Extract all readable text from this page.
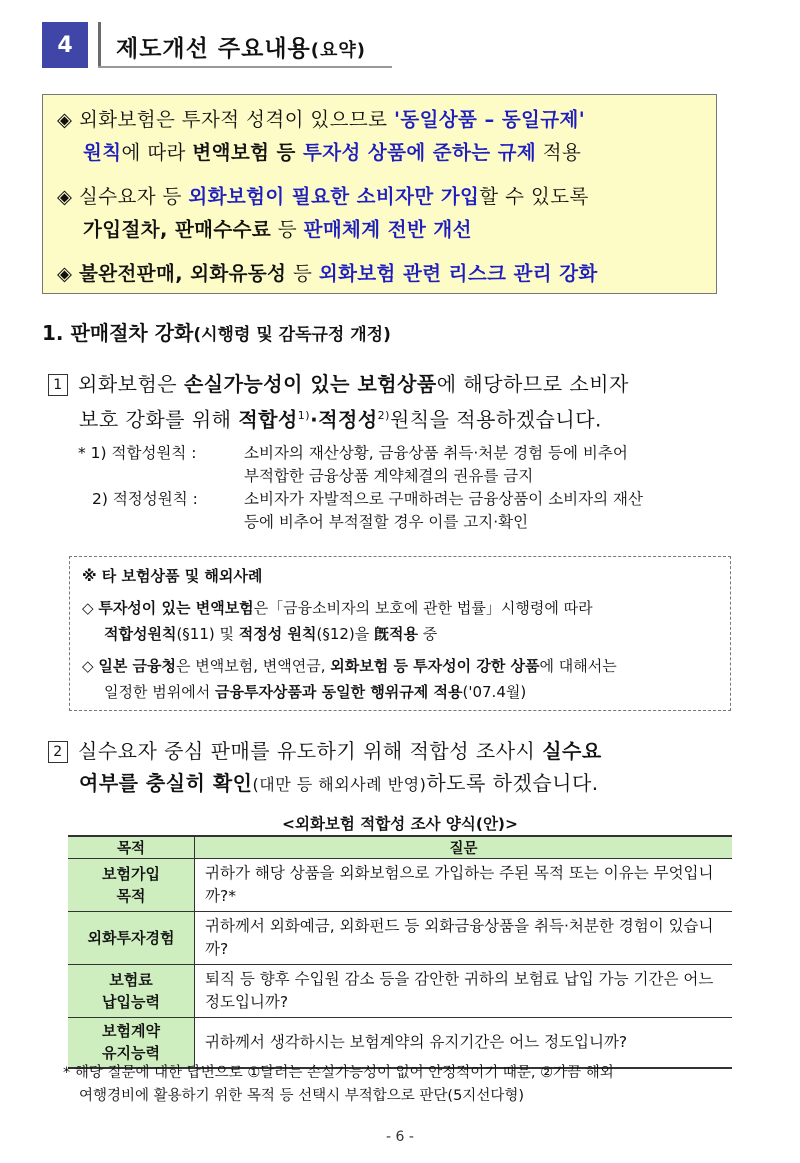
4	제도개선 주요내용(요약)
◈ 외화보험은 투자적 성격이 있으므로 '동일상품 – 동일규제'
원칙에 따라 변액보험 등 투자성 상품에 준하는 규제 적용
◈ 실수요자 등 외화보험이 필요한 소비자만 가입할 수 있도록
가입절차, 판매수수료 등 판매체계 전반 개선
◈ 불완전판매, 외화유동성 등 외화보험 관련 리스크 관리 강화
1. 판매절차 강화(시행령 및 감독규정 개정)
1 외화보험은 손실가능성이 있는 보험상품에 해당하므로 소비자
보호 강화를 위해 적합성$^{1)}$·적정성$^{2)}$원칙을 적용하겠습니다.
* 1) 적합성원칙 :	소비자의 재산상황, 금융상품 취득·처분 경험 등에 비추어
부적합한 금융상품 계약체결의 권유를 금지
2) 적정성원칙 :	소비자가 자발적으로 구매하려는 금융상품이 소비자의 재산
등에 비추어 부적절할 경우 이를 고지·확인
※ 타 보험상품 및 해외사례
◇ 투자성이 있는 변액보험은「금융소비자의 보호에 관한 법률」시행령에 따라
적합성원칙(§11) 및 적정성 원칙(§12)을 旣적용 중
◇ 일본 금융청은 변액보험, 변액연금, 외화보험 등 투자성이 강한 상품에 대해서는
일정한 범위에서 금융투자상품과 동일한 행위규제 적용('07.4월)
2 실수요자 중심 판매를 유도하기 위해 적합성 조사시 실수요
여부를 충실히 확인(대만 등 해외사례 반영)하도록 하겠습니다.
<외화보험 적합성 조사 양식(안)>
목적	질문
보험가입
목적	귀하가 해당 상품을 외화보험으로 가입하는 주된 목적 또는 이유는 무엇입니까?*
외화투자경험	귀하께서 외화예금, 외화펀드 등 외화금융상품을 취득·처분한 경험이 있습니까?
보험료
납입능력	퇴직 등 향후 수입원 감소 등을 감안한 귀하의 보험료 납입 가능 기간은 어느 정도입니까?
보험계약
유지능력	귀하께서 생각하시는 보험계약의 유지기간은 어느 정도입니까?
* 해당 질문에 대한 답변으로 ①달러는 손실가능성이 없어 안정적이기 때문, ②가끔 해외
여행경비에 활용하기 위한 목적 등 선택시 부적합으로 판단(5지선다형)
- 6 -
